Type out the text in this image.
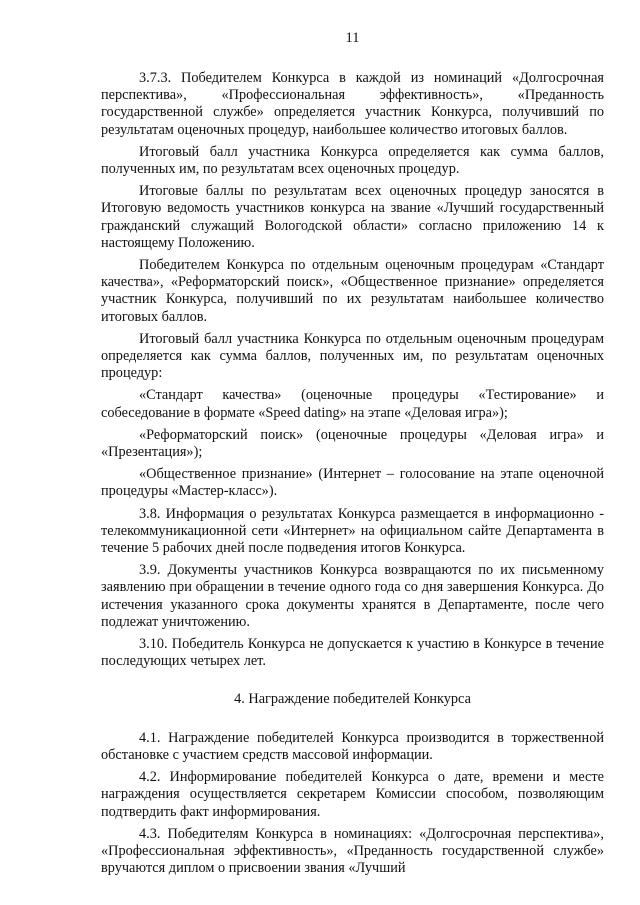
11

3.7.3. Победителем Конкурса в каждой из номинаций «Долгосрочная перспектива», «Профессиональная эффективность», «Преданность государственной службе» определяется участник Конкурса, получивший по результатам оценочных процедур, наибольшее количество итоговых баллов.

Итоговый балл участника Конкурса определяется как сумма баллов, полученных им, по результатам всех оценочных процедур.

Итоговые баллы по результатам всех оценочных процедур заносятся в Итоговую ведомость участников конкурса на звание «Лучший государственный гражданский служащий Вологодской области» согласно приложению 14 к настоящему Положению.

Победителем Конкурса по отдельным оценочным процедурам «Стандарт качества», «Реформаторский поиск», «Общественное признание» определяется участник Конкурса, получивший по их результатам наибольшее количество итоговых баллов.

Итоговый балл участника Конкурса по отдельным оценочным процедурам определяется как сумма баллов, полученных им, по результатам оценочных процедур:

«Стандарт качества» (оценочные процедуры «Тестирование» и собеседование в формате «Speed dating» на этапе «Деловая игра»);

«Реформаторский поиск» (оценочные процедуры «Деловая игра» и «Презентация»);

«Общественное признание» (Интернет – голосование на этапе оценочной процедуры «Мастер-класс»).

3.8. Информация о результатах Конкурса размещается в информационно - телекоммуникационной сети «Интернет» на официальном сайте Департамента в течение 5 рабочих дней после подведения итогов Конкурса.

3.9. Документы участников Конкурса возвращаются по их письменному заявлению при обращении в течение одного года со дня завершения Конкурса. До истечения указанного срока документы хранятся в Департаменте, после чего подлежат уничтожению.

3.10. Победитель Конкурса не допускается к участию в Конкурсе в течение последующих четырех лет.

4. Награждение победителей Конкурса

4.1. Награждение победителей Конкурса производится в торжественной обстановке с участием средств массовой информации.

4.2. Информирование победителей Конкурса о дате, времени и месте награждения осуществляется секретарем Комиссии способом, позволяющим подтвердить факт информирования.

4.3. Победителям Конкурса в номинациях: «Долгосрочная перспектива», «Профессиональная эффективность», «Преданность государственной службе» вручаются диплом о присвоении звания «Лучший
